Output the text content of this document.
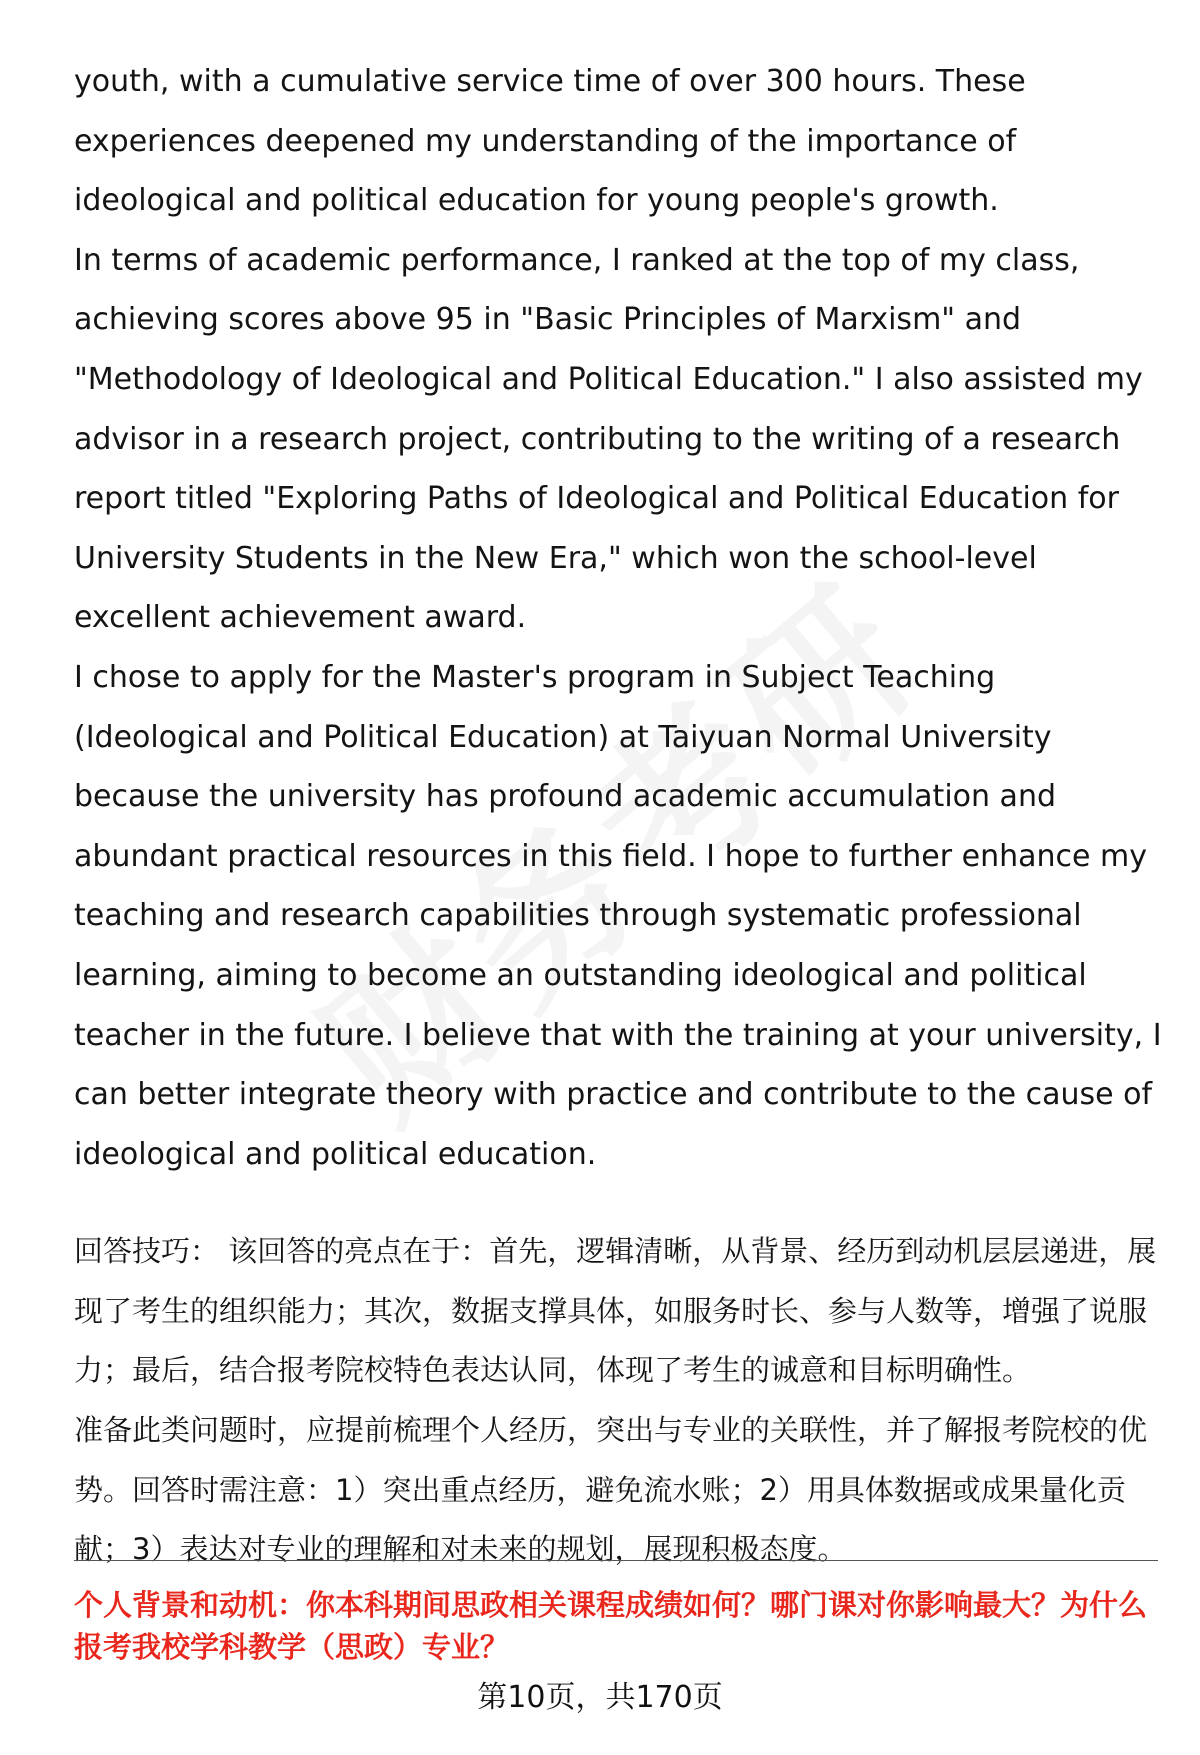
youth, with a cumulative service time of over 300 hours. These experiences deepened my understanding of the importance of ideological and political education for young people's growth.

In terms of academic performance, I ranked at the top of my class, achieving scores above 95 in "Basic Principles of Marxism" and "Methodology of Ideological and Political Education." I also assisted my advisor in a research project, contributing to the writing of a research report titled "Exploring Paths of Ideological and Political Education for University Students in the New Era," which won the school-level excellent achievement award.

I chose to apply for the Master's program in Subject Teaching (Ideological and Political Education) at Taiyuan Normal University because the university has profound academic accumulation and abundant practical resources in this field. I hope to further enhance my teaching and research capabilities through systematic professional learning, aiming to become an outstanding ideological and political teacher in the future. I believe that with the training at your university, I can better integrate theory with practice and contribute to the cause of ideological and political education.

回答技巧： 该回答的亮点在于：首先，逻辑清晰，从背景、经历到动机层层递进，展现了考生的组织能力；其次，数据支撑具体，如服务时长、参与人数等，增强了说服力；最后，结合报考院校特色表达认同，体现了考生的诚意和目标明确性。

准备此类问题时，应提前梳理个人经历，突出与专业的关联性，并了解报考院校的优势。回答时需注意：1）突出重点经历，避免流水账；2）用具体数据或成果量化贡献；3）表达对专业的理解和对未来的规划，展现积极态度。

个人背景和动机：你本科期间思政相关课程成绩如何？哪门课对你影响最大？为什么报考我校学科教学（思政）专业？

第10页，共170页
